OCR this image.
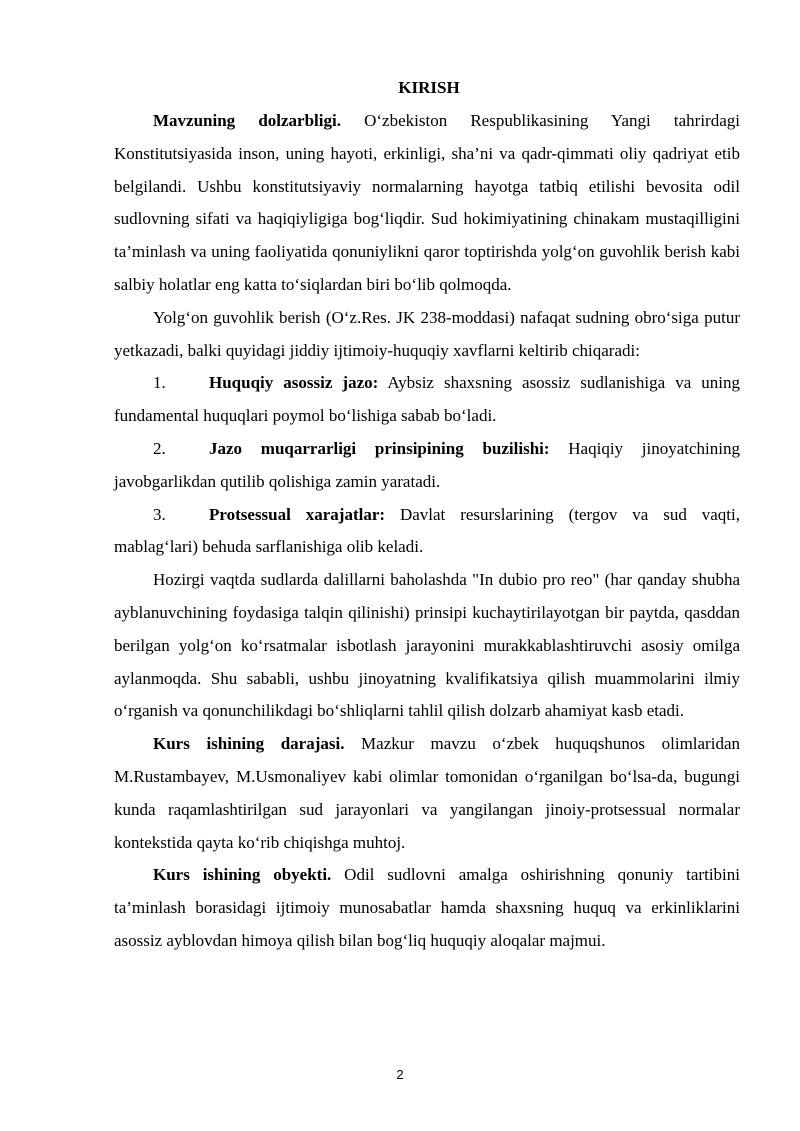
KIRISH

Mavzuning dolzarbligi. O‘zbekiston Respublikasining Yangi tahrirdagi Konstitutsiyasida inson, uning hayoti, erkinligi, sha’ni va qadr-qimmati oliy qadriyat etib belgilandi. Ushbu konstitutsiyaviy normalarning hayotga tatbiq etilishi bevosita odil sudlovning sifati va haqiqiyligiga bog‘liqdir. Sud hokimiyatining chinakam mustaqilligini ta’minlash va uning faoliyatida qonuniylikni qaror toptirishda yolg‘on guvohlik berish kabi salbiy holatlar eng katta to‘siqlardan biri bo‘lib qolmoqda.

Yolg‘on guvohlik berish (O‘z.Res. JK 238-moddasi) nafaqat sudning obro‘siga putur yetkazadi, balki quyidagi jiddiy ijtimoiy-huquqiy xavflarni keltirib chiqaradi:

1.	Huquqiy asossiz jazo: Aybsiz shaxsning asossiz sudlanishiga va uning fundamental huquqlari poymol bo‘lishiga sabab bo‘ladi.

2.	Jazo muqarrarligi prinsipining buzilishi: Haqiqiy jinoyatchining javobgarlikdan qutilib qolishiga zamin yaratadi.

3.	Protsessual xarajatlar: Davlat resurslarining (tergov va sud vaqti, mablag‘lari) behuda sarflanishiga olib keladi.

Hozirgi vaqtda sudlarda dalillarni baholashda "In dubio pro reo" (har qanday shubha ayblanuvchining foydasiga talqin qilinishi) prinsipi kuchaytirilayotgan bir paytda, qasddan berilgan yolg‘on ko‘rsatmalar isbotlash jarayonini murakkablashtiruvchi asosiy omilga aylanmoqda. Shu sababli, ushbu jinoyatning kvalifikatsiya qilish muammolarini ilmiy o‘rganish va qonunchilikdagi bo‘shliqlarni tahlil qilish dolzarb ahamiyat kasb etadi.

Kurs ishining darajasi. Mazkur mavzu o‘zbek huquqshunos olimlaridan M.Rustambayev, M.Usmonaliyev kabi olimlar tomonidan o‘rganilgan bo‘lsa-da, bugungi kunda raqamlashtirilgan sud jarayonlari va yangilangan jinoiy-protsessual normalar kontekstida qayta ko‘rib chiqishga muhtoj.

Kurs ishining obyekti. Odil sudlovni amalga oshirishning qonuniy tartibini ta’minlash borasidagi ijtimoiy munosabatlar hamda shaxsning huquq va erkinliklarini asossiz ayblovdan himoya qilish bilan bog‘liq huquqiy aloqalar majmui.

2
